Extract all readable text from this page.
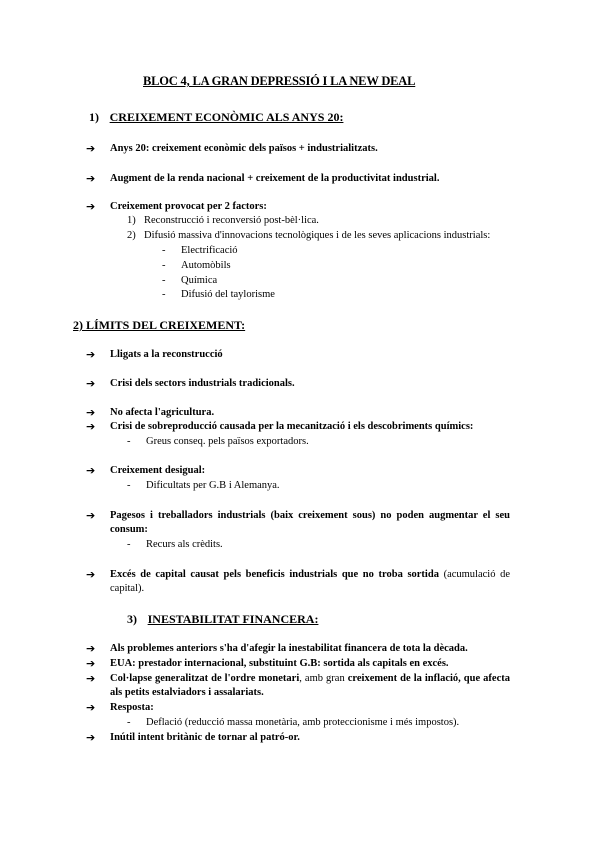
BLOC 4, LA GRAN DEPRESSIÓ I LA NEW DEAL
1) CREIXEMENT ECONÒMIC ALS ANYS 20:
➔	Anys 20: creixement econòmic dels països + industrialitzats.
➔	Augment de la renda nacional + creixement de la productivitat industrial.
➔	Creixement provocat per 2 factors:
1) Reconstrucció i reconversió post-bèl·lica.
2) Difusió massiva d'innovacions tecnològiques i de les seves aplicacions industrials:
-	Electrificació
-	Automòbils
-	Química
-	Difusió del taylorisme
2) LÍMITS DEL CREIXEMENT:
➔	Lligats a la reconstrucció
➔	Crisi dels sectors industrials tradicionals.
➔	No afecta l'agricultura.
➔	Crisi de sobreproducció causada per la mecanització i els descobriments químics:
-	Greus conseq. pels països exportadors.
➔	Creixement desigual:
-	Dificultats per G.B i Alemanya.
➔	Pagesos i treballadors industrials (baix creixement sous) no poden augmentar el seu consum:
-	Recurs als crèdits.
➔	Excés de capital causat pels beneficis industrials que no troba sortida (acumulació de capital).
3) INESTABILITAT FINANCERA:
➔	Als problemes anteriors s'ha d'afegir la inestabilitat financera de tota la dècada.
➔	EUA: prestador internacional, substituint G.B: sortida als capitals en excés.
➔	Col·lapse generalitzat de l'ordre monetari, amb gran creixement de la inflació, que afecta als petits estalviadors i assalariats.
➔	Resposta:
-	Deflació (reducció massa monetària, amb proteccionisme i més impostos).
➔	Inútil intent britànic de tornar al patró-or.
